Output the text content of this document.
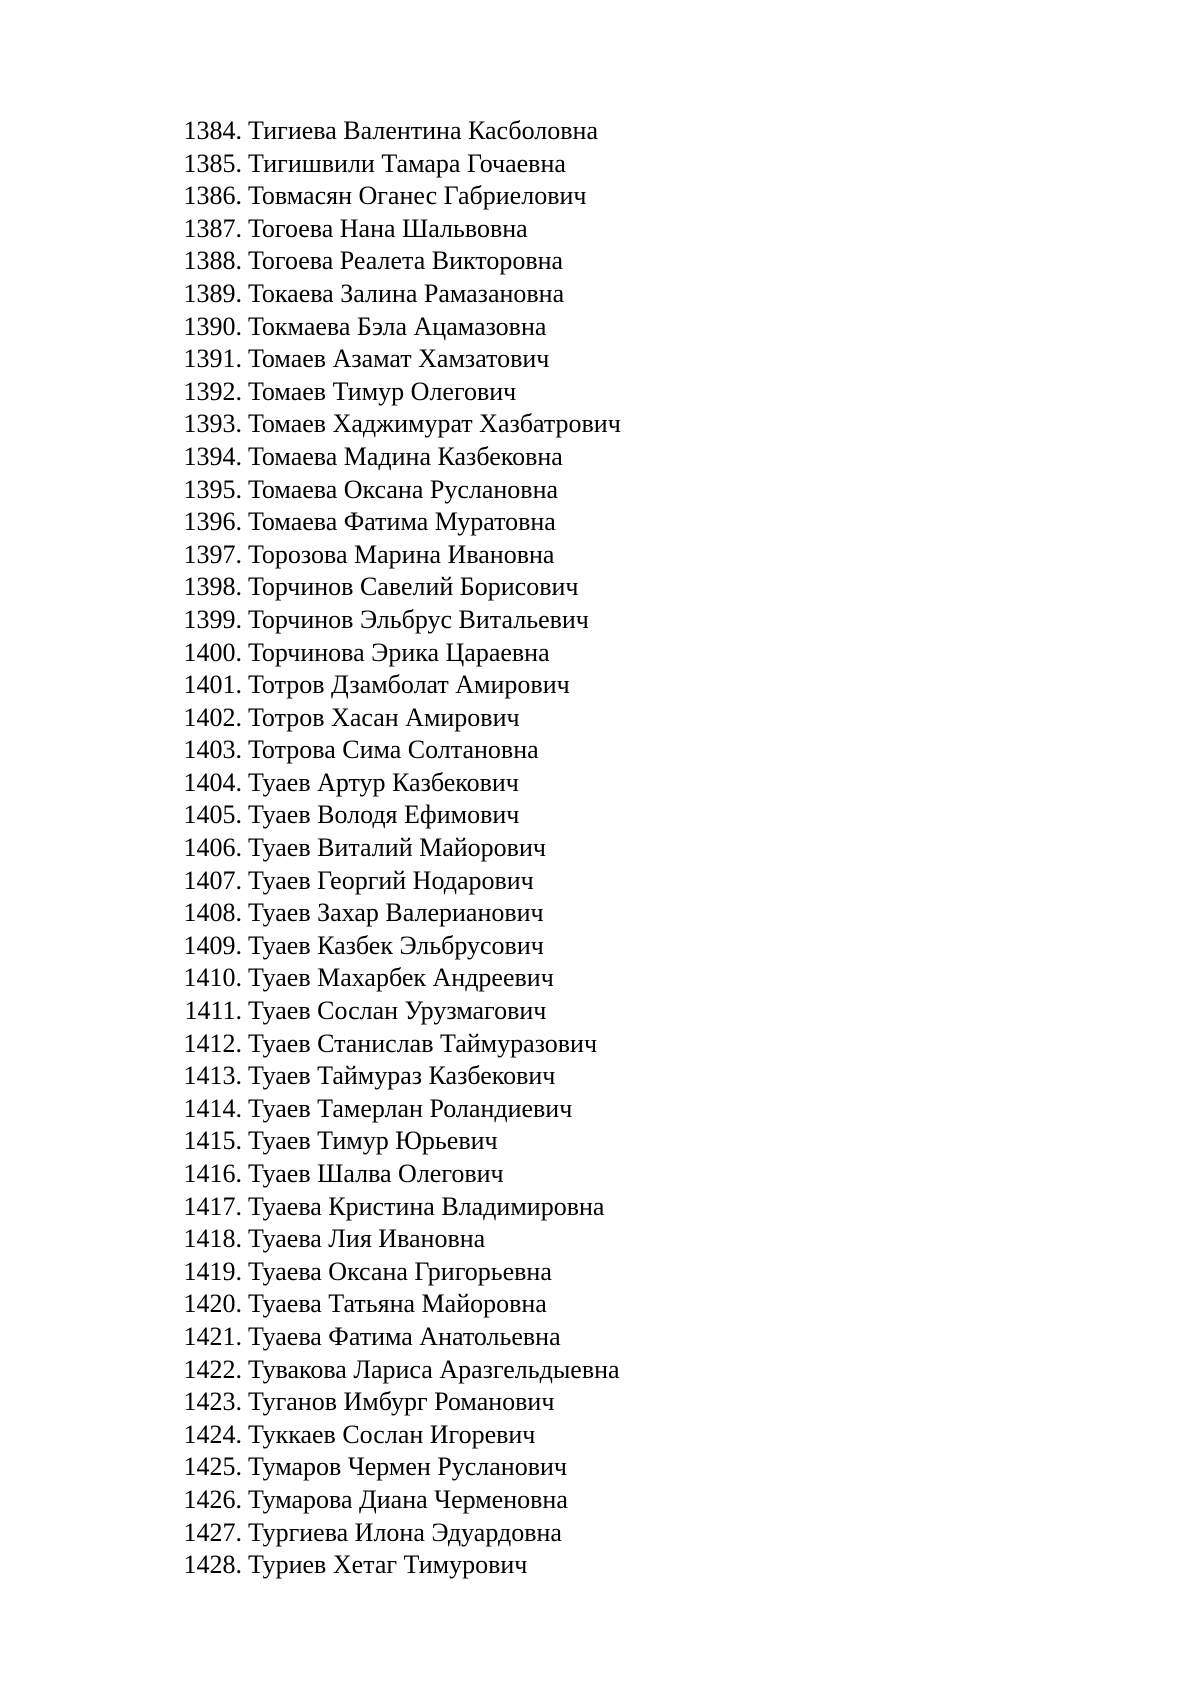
1384. Тигиева Валентина Касболовна
1385. Тигишвили Тамара Гочаевна
1386. Товмасян Оганес Габриелович
1387. Тогоева Нана Шальвовна
1388. Тогоева Реалета Викторовна
1389. Токаева Залина Рамазановна
1390. Токмаева Бэла Ацамазовна
1391. Томаев Азамат Хамзатович
1392. Томаев Тимур Олегович
1393. Томаев Хаджимурат Хазбатрович
1394. Томаева Мадина Казбековна
1395. Томаева Оксана Руслановна
1396. Томаева Фатима Муратовна
1397. Торозова Марина Ивановна
1398. Торчинов Савелий Борисович
1399. Торчинов Эльбрус Витальевич
1400. Торчинова Эрика Цараевна
1401. Тотров Дзамболат Амирович
1402. Тотров Хасан Амирович
1403. Тотрова Сима Солтановна
1404. Туаев Артур Казбекович
1405. Туаев Володя Ефимович
1406. Туаев Виталий Майорович
1407. Туаев Георгий Нодарович
1408. Туаев Захар Валерианович
1409. Туаев Казбек Эльбрусович
1410. Туаев Махарбек Андреевич
1411. Туаев Сослан Урузмагович
1412. Туаев Станислав Таймуразович
1413. Туаев Таймураз Казбекович
1414. Туаев Тамерлан Роландиевич
1415. Туаев Тимур Юрьевич
1416. Туаев Шалва Олегович
1417. Туаева Кристина Владимировна
1418. Туаева Лия Ивановна
1419. Туаева Оксана Григорьевна
1420. Туаева Татьяна Майоровна
1421. Туаева Фатима Анатольевна
1422. Тувакова Лариса Аразгельдыевна
1423. Туганов Имбург Романович
1424. Туккаев Сослан Игоревич
1425. Тумаров Чермен Русланович
1426. Тумарова Диана Черменовна
1427. Тургиева Илона Эдуардовна
1428. Туриев Хетаг Тимурович
